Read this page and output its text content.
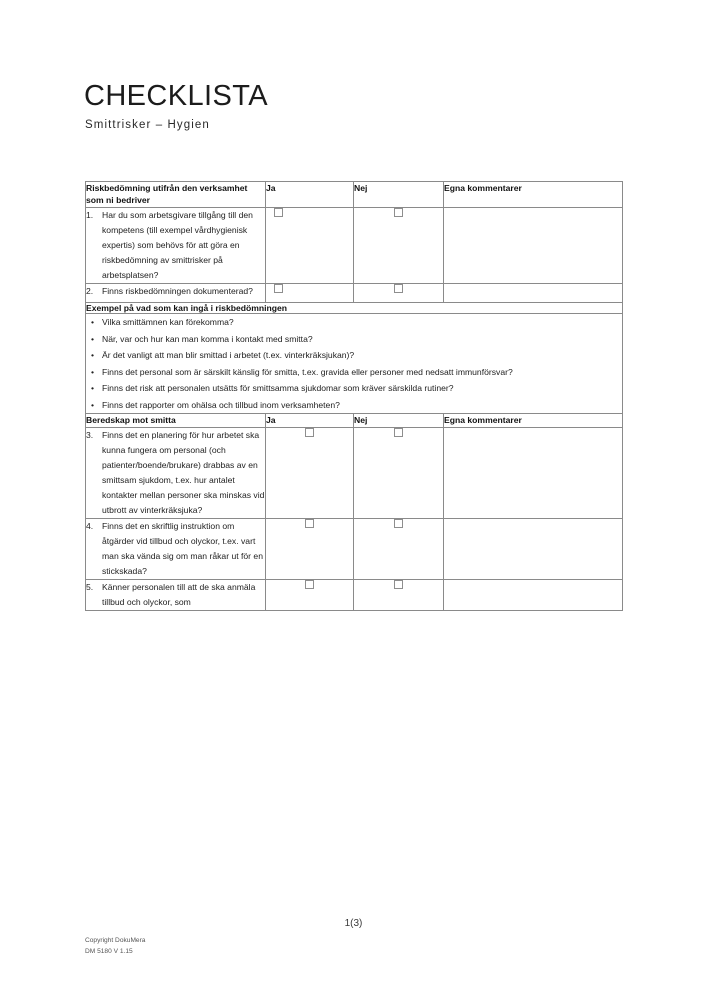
CHECKLISTA
Smittrisker – Hygien
Riskbedömning utifrån den verksamhet som ni bedriver	Ja	Nej	Egna kommentarer

1. Har du som arbetsgivare tillgång till den kompetens (till exempel vårdhygienisk expertis) som behövs för att göra en riskbedömning av smittrisker på arbetsplatsen?			

2. Finns riskbedömningen dokumenterad?			

Exempel på vad som kan ingå i riskbedömningen			

• Vilka smittämnen kan förekomma?
• När, var och hur kan man komma i kontakt med smitta?
• Är det vanligt att man blir smittad i arbetet (t.ex. vinterkräksjukan)?
• Finns det personal som är särskilt känslig för smitta, t.ex. gravida eller personer med nedsatt immunförsvar?
• Finns det risk att personalen utsätts för smittsamma sjukdomar som kräver särskilda rutiner?
• Finns det rapporter om ohälsa och tillbud inom verksamheten?

Beredskap mot smitta	Ja	Nej	Egna kommentarer

3. Finns det en planering för hur arbetet ska kunna fungera om personal (och patienter/boende/brukare) drabbas av en smittsam sjukdom, t.ex. hur antalet kontakter mellan personer ska minskas vid utbrott av vinterkräksjuka?			

4. Finns det en skriftlig instruktion om åtgärder vid tillbud och olyckor, t.ex. vart man ska vända sig om man råkar ut för en stickskada?			

5. Känner personalen till att de ska anmäla tillbud och olyckor, som			

1(3)
Copyright DokuMera
DM 5180 V 1.15
